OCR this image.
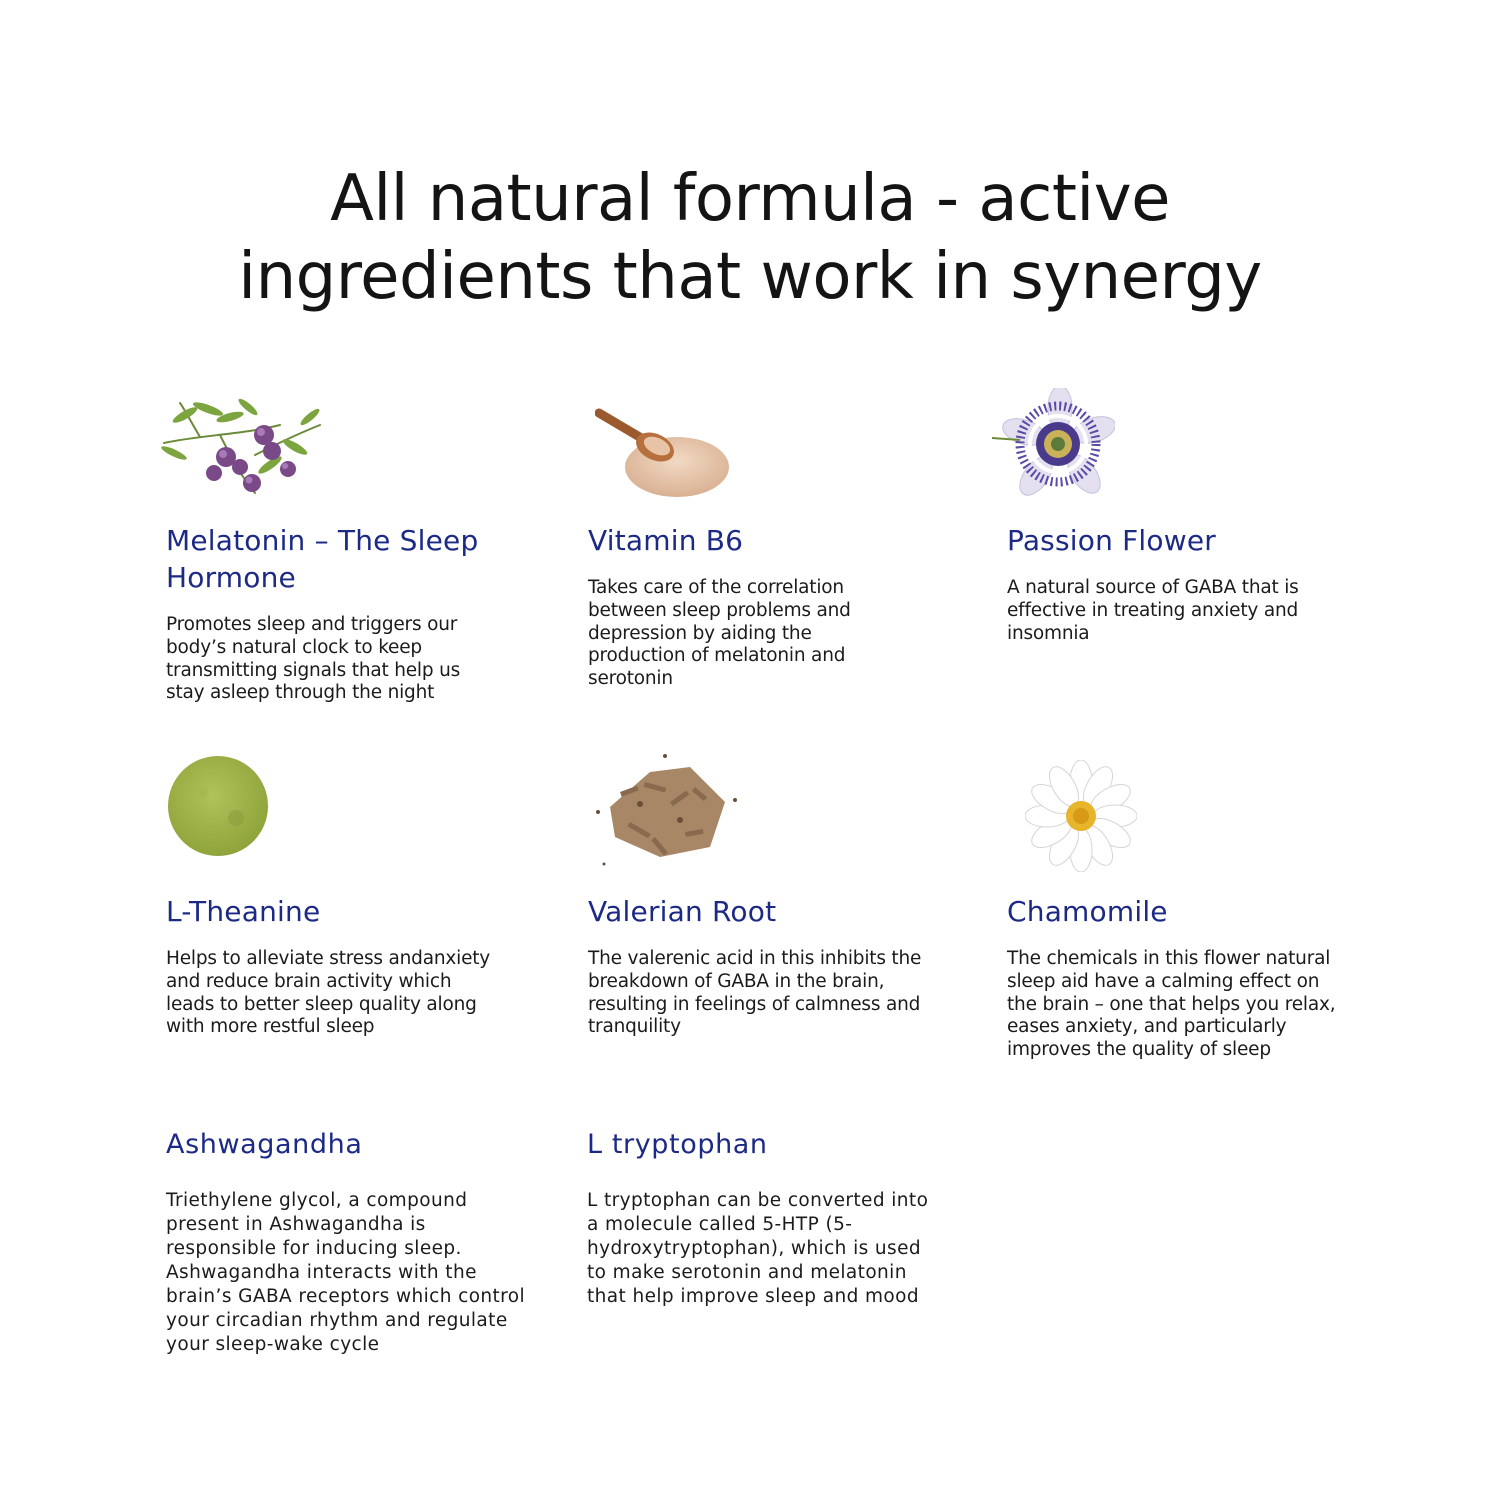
All natural formula - active
ingredients that work in synergy
Melatonin – The Sleep Hormone

Promotes sleep and triggers our body’s natural clock to keep transmitting signals that help us stay asleep through the night

Vitamin B6

Takes care of the correlation between sleep problems and depression by aiding the production of melatonin and serotonin

Passion Flower

A natural source of GABA that is effective in treating anxiety and insomnia

L-Theanine

Helps to alleviate stress andanxiety and reduce brain activity which leads to better sleep quality along with more restful sleep

Valerian Root

The valerenic acid in this inhibits the breakdown of GABA in the brain, resulting in feelings of calmness and tranquility

Chamomile

The chemicals in this flower natural sleep aid have a calming effect on the brain – one that helps you relax, eases anxiety, and particularly improves the quality of sleep

Ashwagandha

Triethylene glycol, a compound present in Ashwagandha is responsible for inducing sleep. Ashwagandha interacts with the brain’s GABA receptors which control your circadian rhythm and regulate your sleep-wake cycle

L tryptophan

L tryptophan can be converted into a molecule called 5-HTP (5-hydroxytryptophan), which is used to make serotonin and melatonin that help improve sleep and mood
